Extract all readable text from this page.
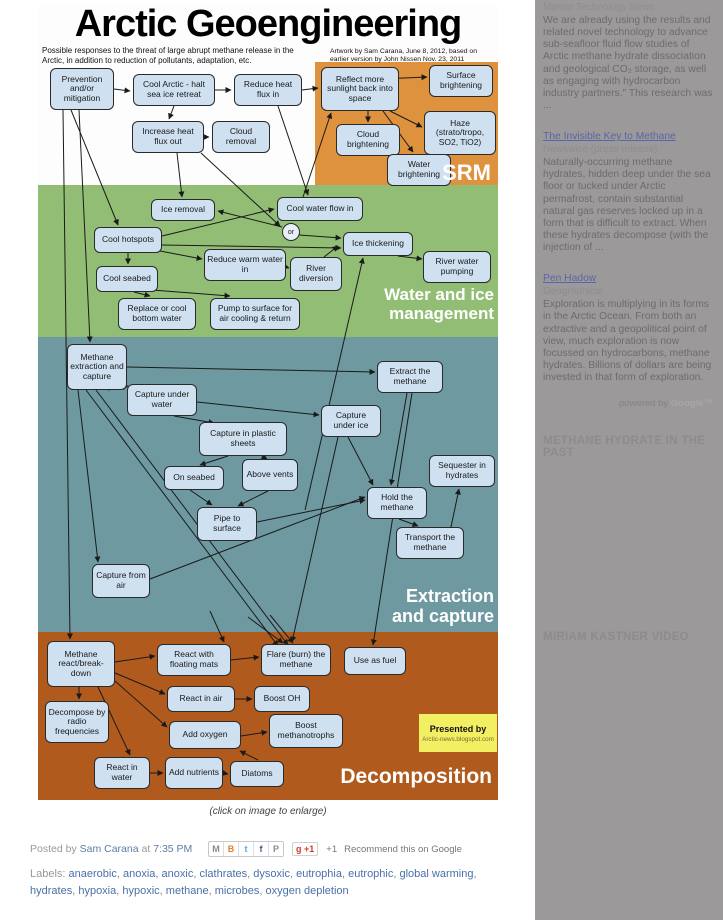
Arctic Geoengineering
Possible responses to the threat of large abrupt methane release in the Arctic, in addition to reduction of pollutants, adaptation, etc.
Artwork by Sam Carana, June 8, 2012, based on earlier version by John Nissen Nov. 23, 2011
Prevention and/or mitigation
Cool Arctic - halt sea ice retreat
Reduce heat flux in
Increase heat flux out
Cloud removal
Reflect more sunlight back into space
Surface brightening
Haze (strato/tropo, SO2, TiO2)
Cloud brightening
Water brightening
Ice removal	Cool water flow in
or
Cool hotspots	Ice thickening
River water pumping
Reduce warm water in	River diversion
Cool seabed
Replace or cool bottom water
Pump to surface for air cooling & return
Methane extraction and capture	Extract the methane
Capture under water
Capture under ice
Capture in plastic sheets
Sequester in hydrates
On seabed	Above vents
Hold the methane
Pipe to surface
Transport the methane
Capture from air
Methane react/break-down
React with floating mats
Flare (burn) the methane	Use as fuel
React in air	Boost OH
Decompose by radio frequencies	Add oxygen
Boost methanotrophs
React in water	Add nutrients	Diatoms
SRM
Water and ice
management
Extraction
and capture
Decomposition
Presented by
Arctic-news.blogspot.com
(click on image to enlarge)
Posted by Sam Carana at 7:35 PM	M B	t	f	P	g +1	+1 Recommend this on Google
Labels: anaerobic , anoxia , anoxic , clathrates , dysoxic , eutrophia , eutrophic , global warming , hydrates , hypoxia , hypoxic , methane , microbes , oxygen depletion

Marine Technology News

We are already using the results and related novel technology to advance sub-seafloor fluid flow studies of Arctic methane hydrate dissociation and geological CO₂ storage, as well as engaging with hydrocarbon industry partners." This research was ...

The Invisible Key to Methane

Newswise (press release)

Naturally-occurring methane hydrates, hidden deep under the sea floor or tucked under Arctic permafrost, contain substantial natural gas reserves locked up in a form that is difficult to extract. When these hydrates decompose (with the injection of ...

Pen Hadow

Geographical

Exploration is multiplying in its forms in the Arctic Ocean. From both an extractive and a geopolitical point of view, much exploration is now focussed on hydrocarbons, methane hydrates. Billions of dollars are being invested in that form of exploration.

powered by Google™
METHANE HYDRATE IN THE PAST
MIRIAM KASTNER VIDEO
